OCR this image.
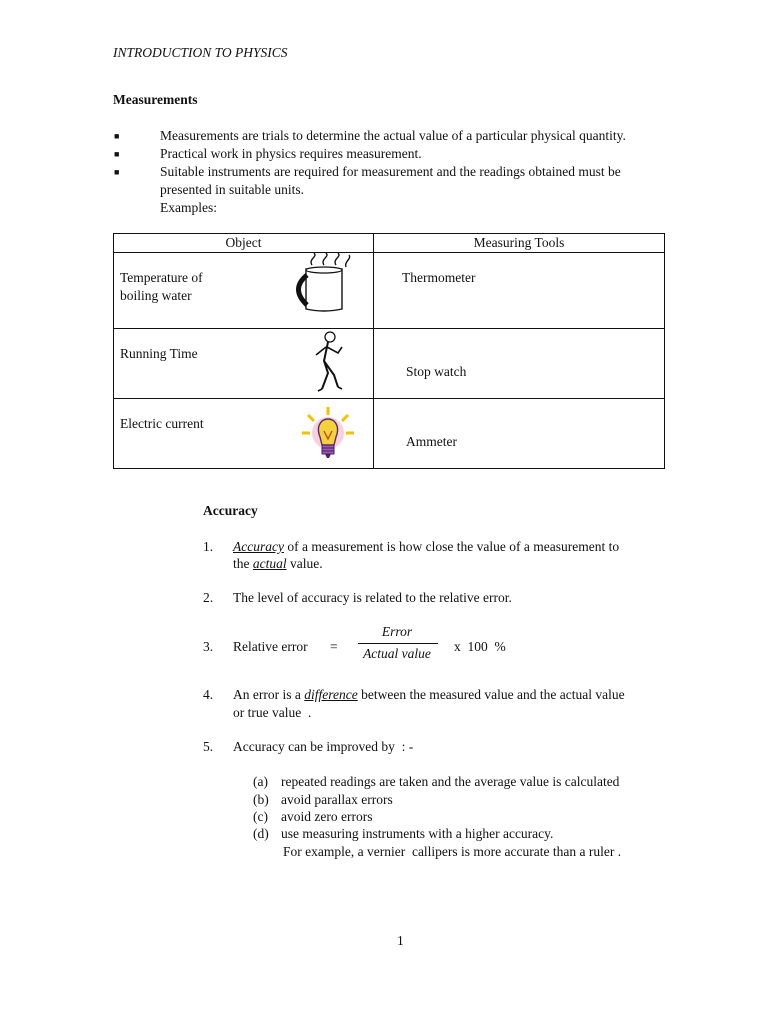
INTRODUCTION TO PHYSICS
Measurements
■	Measurements are trials to determine the actual value of a particular physical quantity.
■	Practical work in physics requires measurement.
■	Suitable instruments are required for measurement and the readings obtained must be
presented in suitable units.
Examples:
Object	Measuring Tools

Temperature of
boiling water	Thermometer

Running Time	Stop watch

Electric current	Ammeter
Accuracy
1. Accuracy of a measurement is how close the value of a measurement to
the actual value.
2. The level of accuracy is related to the relative error.
3. Relative error =
Error
Actual value	x  100  %
4. An error is a difference between the measured value and the actual value
or true value  .
5. Accuracy can be improved by  : -
(a) repeated readings are taken and the average value is calculated
(b) avoid parallax errors
(c) avoid zero errors
(d) use measuring instruments with a higher accuracy.
For example, a vernier  callipers is more accurate than a ruler .
1
